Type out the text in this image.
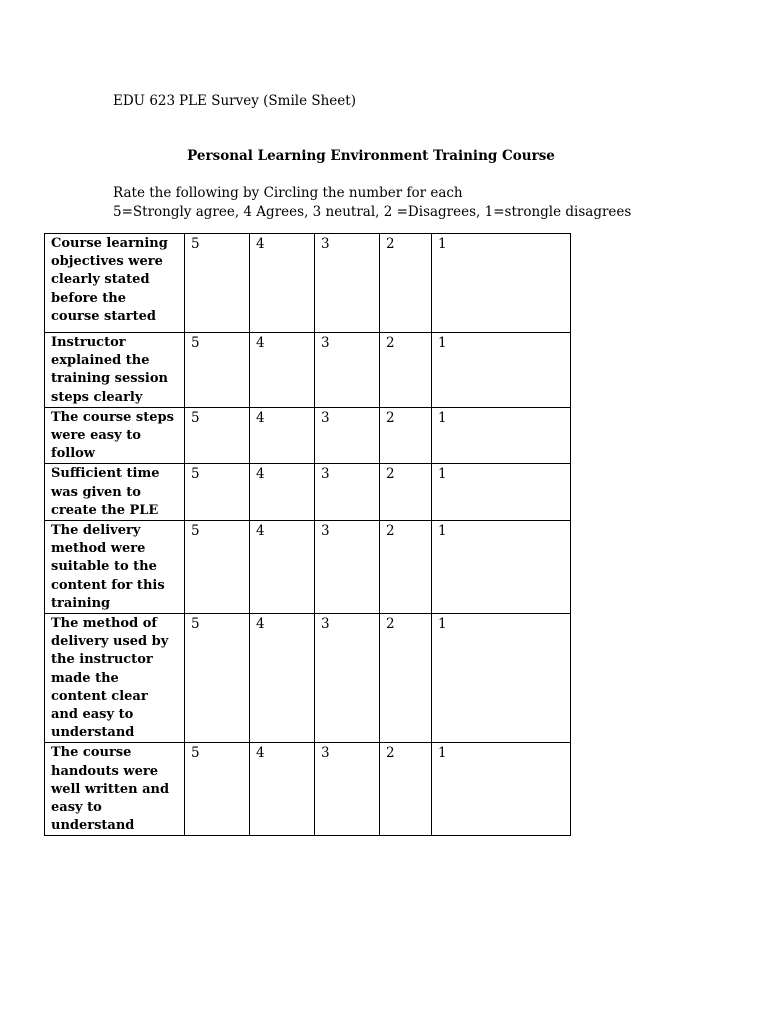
EDU 623 PLE Survey (Smile Sheet)
Personal Learning Environment Training Course
Rate the following by Circling the number for each
5=Strongly agree, 4 Agrees, 3 neutral, 2 =Disagrees, 1=strongle disagrees
Course learning objectives were clearly stated before the course started	5	4	3	2	1
Instructor explained the training session steps clearly	5	4	3	2	1
The course steps were easy to follow	5	4	3	2	1
Sufficient time was given to create the PLE	5	4	3	2	1
The delivery method were suitable to the content for this training	5	4	3	2	1
The method of delivery used by the instructor made the content clear and easy to understand	5	4	3	2	1
The course handouts were well written and easy to understand	5	4	3	2	1
